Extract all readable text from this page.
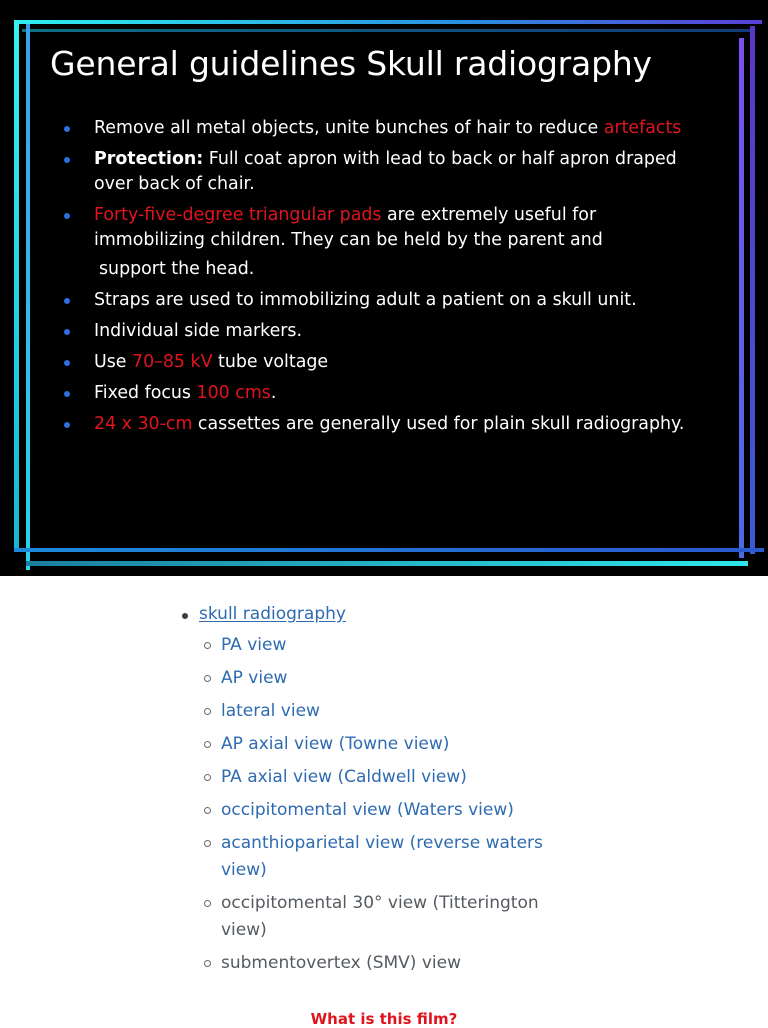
General guidelines Skull radiography
Remove all metal objects, unite bunches of hair to reduce artefacts
Protection: Full coat apron with lead to back or half apron draped over back of chair.
Forty-five-degree triangular pads are extremely useful for immobilizing children. They can be held by the parent andsupport the head.
Straps are used to immobilizing adult a patient on a skull unit.
Individual side markers.
Use 70–85 kV tube voltage
Fixed focus 100 cms.
24 x 30-cm cassettes are generally used for plain skull radiography.
skull radiography
PA view
AP view
lateral view
AP axial view (Towne view)
PA axial view (Caldwell view)
occipitomental view (Waters view)
acanthioparietal view (reverse waters view)
occipitomental 30° view (Titterington view)
submentovertex (SMV) view
What is this film?
